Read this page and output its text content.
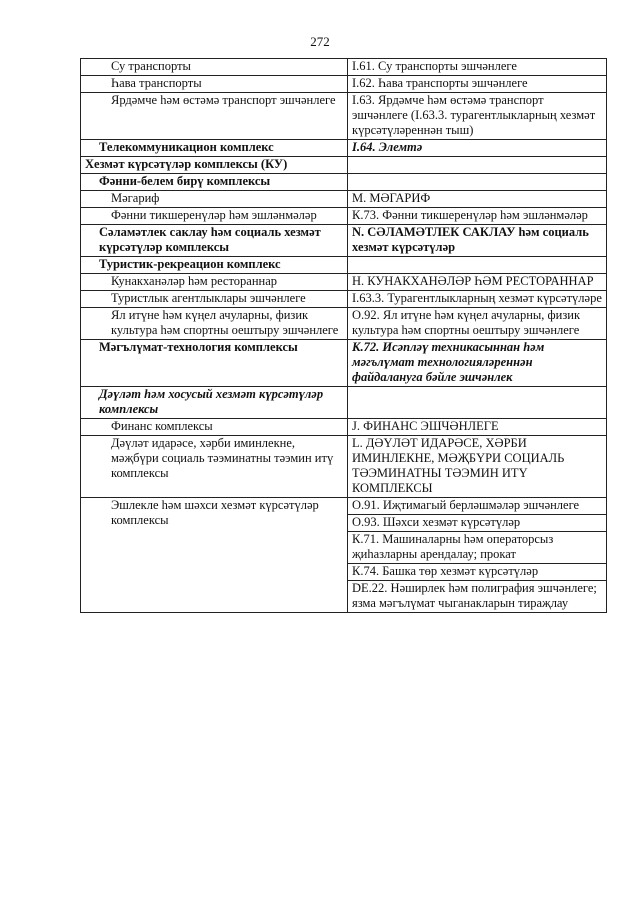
272
Су транспорты	I.61. Су транспорты эшчәнлеге
Һава транспорты	I.62. Һава транспорты эшчәнлеге
Ярдәмче һәм өстәмә транспорт эшчәнлеге	I.63. Ярдәмче һәм өстәмә транспорт эшчәнлеге (I.63.3. турагентлыкларның хезмәт күрсәтүләреннән тыш)
Телекоммуникацион комплекс	I.64. Элемтә
Хезмәт күрсәтүләр комплексы (КУ)	
Фәнни-белем бирү комплексы	
Мәгариф	М. МӘГАРИФ
Фәнни тикшеренүләр һәм эшләнмәләр	К.73. Фәнни тикшеренүләр һәм эшләнмәләр
Сәламәтлек саклау һәм социаль хезмәт күрсәтүләр комплексы	N. СӘЛАМӘТЛЕК САКЛАУ һәм социаль хезмәт күрсәтүләр
Туристик-рекреацион комплекс	
Кунакханәләр һәм рестораннар	Н. КУНАКХАНӘЛӘР ҺӘМ РЕСТОРАННАР
Туристлык агентлыклары эшчәнлеге	I.63.3. Турагентлыкларның хезмәт күрсәтүләре
Ял итүне һәм күңел ачуларны, физик культура һәм спортны оештыру эшчәнлеге	О.92. Ял итүне һәм күңел ачуларны, физик культура һәм спортны оештыру эшчәнлеге
Мәгълүмат-технология комплексы	К.72. Исәпләү техникасыннан һәм мәгълүмат технологияләреннән файдалануга бәйле эшчәнлек
Дәүләт һәм хосусый хезмәт күрсәтүләр комплексы	
Финанс комплексы	J. ФИНАНС ЭШЧӘНЛЕГЕ
Дәүләт идарәсе, хәрби иминлекне, мәҗбүри социаль тәэминатны тәэмин итү комплексы	L. ДӘҮЛӘТ ИДАРӘСЕ, ХӘРБИ ИМИНЛЕКНЕ, МӘҖБҮРИ СОЦИАЛЬ ТӘЭМИНАТНЫ ТӘЭМИН ИТҮ КОМПЛЕКСЫ
Эшлекле һәм шәхси хезмәт күрсәтүләр комплексы	О.91. Иҗтимагый берләшмәләр эшчәнлеге
О.93. Шәхси хезмәт күрсәтүләр
К.71. Машиналарны һәм операторсыз җиһазларны арендалау; прокат
К.74. Башка төр хезмәт күрсәтүләр
DE.22. Нәширлек һәм полиграфия эшчәнлеге; язма мәгълүмат чыганакларын тираҗлау
